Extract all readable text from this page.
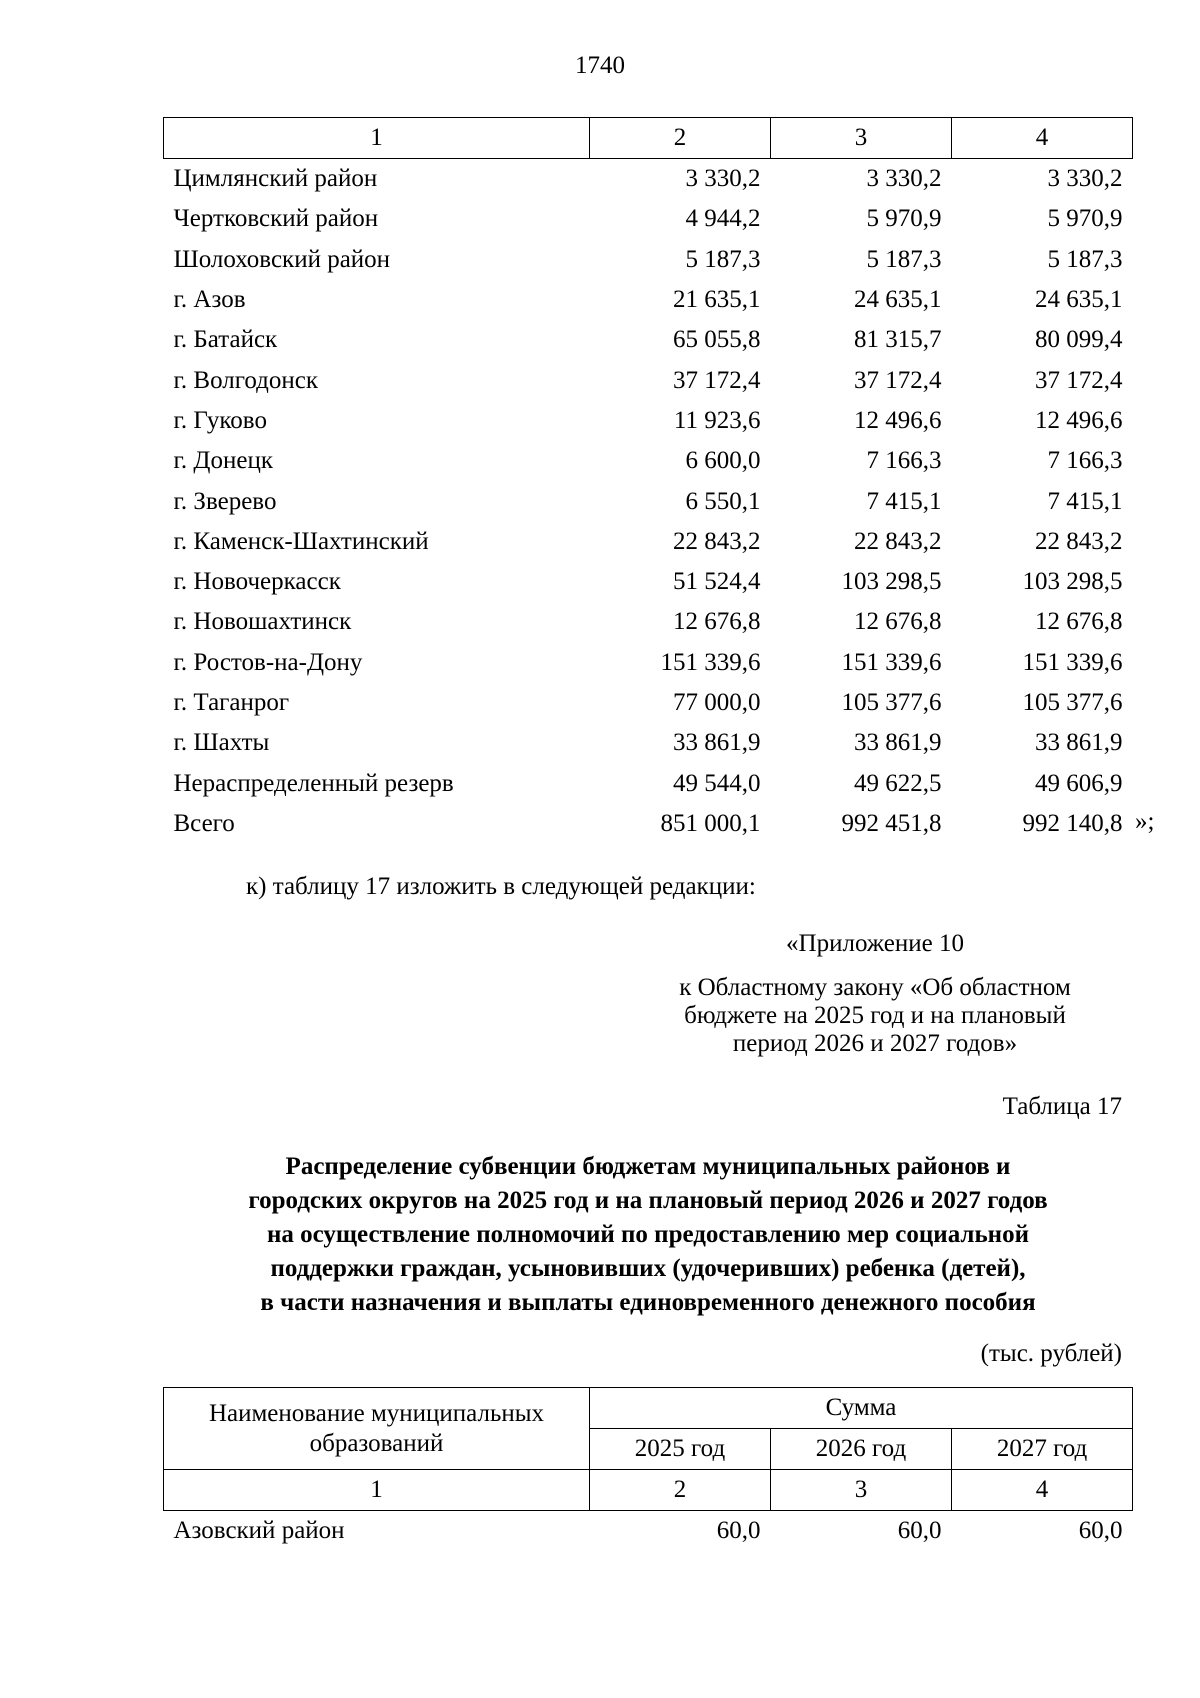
1740
1	2	3	4
Цимлянский район	3 330,2	3 330,2	3 330,2
Чертковский район	4 944,2	5 970,9	5 970,9
Шолоховский район	5 187,3	5 187,3	5 187,3
г. Азов	21 635,1	24 635,1	24 635,1
г. Батайск	65 055,8	81 315,7	80 099,4
г. Волгодонск	37 172,4	37 172,4	37 172,4
г. Гуково	11 923,6	12 496,6	12 496,6
г. Донецк	6 600,0	7 166,3	7 166,3
г. Зверево	6 550,1	7 415,1	7 415,1
г. Каменск-Шахтинский	22 843,2	22 843,2	22 843,2
г. Новочеркасск	51 524,4	103 298,5	103 298,5
г. Новошахтинск	12 676,8	12 676,8	12 676,8
г. Ростов-на-Дону	151 339,6	151 339,6	151 339,6
г. Таганрог	77 000,0	105 377,6	105 377,6
г. Шахты	33 861,9	33 861,9	33 861,9
Нераспределенный резерв	49 544,0	49 622,5	49 606,9
Всего	851 000,1	992 451,8	992 140,8 »;
к) таблицу 17 изложить в следующей редакции:
«Приложение 10
к Областному закону «Об областном
бюджете на 2025 год и на плановый
период 2026 и 2027 годов»
Таблица 17
Распределение субвенции бюджетам муниципальных районов и
городских округов на 2025 год и на плановый период 2026 и 2027 годов
на осуществление полномочий по предоставлению мер социальной
поддержки граждан, усыновивших (удочеривших) ребенка (детей),
в части назначения и выплаты единовременного денежного пособия
(тыс. рублей)
Наименование муниципальных образований	Сумма		
	2025 год	2026 год	2027 год
1	2	3	4
Азовский район	60,0	60,0	60,0
